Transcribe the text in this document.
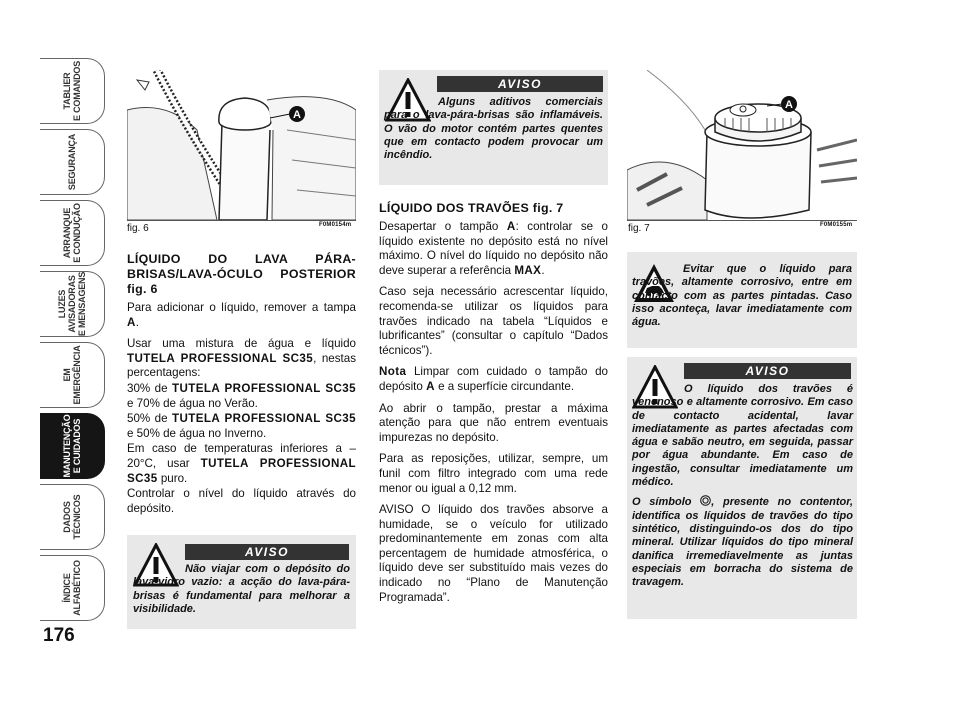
TABLIER
E COMANDOS
SEGURANÇA
ARRANQUE
E CONDUÇÃO
LUZES
AVISADORAS
E MENSAGENS
EM
EMERGÊNCIA
MANUTENÇÃO
E CUIDADOS
DADOS
TÉCNICOS
ÍNDICE
ALFABÉTICO
176
A
fig. 6	F0M0154m
LÍQUIDO DO LAVA PÁRA-BRISAS/LAVA-ÓCULO POSTERIOR fig. 6

Para adicionar o líquido, remover a tampa A.

Usar uma mistura de água e líquido TUTELA PROFESSIONAL SC35, nestas percentagens:

30% de TUTELA PROFESSIONAL SC35 e 70% de água no Verão.

50% de TUTELA PROFESSIONAL SC35 e 50% de água no Inverno.

Em caso de temperaturas inferiores a –20°C, usar TUTELA PROFESSIONAL SC35 puro.

Controlar o nível do líquido através do depósito.

AVISO
Não viajar com o depósito do lava-vidro vazio: a acção do lava-pára-brisas é fundamental para melhorar a visibilidade.
AVISO
Alguns aditivos comerciais para o lava-pára-brisas são inflamáveis. O vão do motor contém partes quentes que em contacto podem provocar um incêndio.
LÍQUIDO DOS TRAVÕES fig. 7

Desapertar o tampão A: controlar se o líquido existente no depósito está no nível máximo. O nível do líquido no depósito não deve superar a referência MAX.

Caso seja necessário acrescentar líquido, recomenda-se utilizar os líquidos para travões indicado na tabela “Líquidos e lubrificantes” (consultar o capítulo “Dados técnicos”).

Nota Limpar com cuidado o tampão do depósito A e a superfície circundante.

Ao abrir o tampão, prestar a máxima atenção para que não entrem eventuais impurezas no depósito.

Para as reposições, utilizar, sempre, um funil com filtro integrado com uma rede menor ou igual a 0,12 mm.

AVISO O líquido dos travões absorve a humidade, se o veículo for utilizado predominantemente em zonas com alta percentagem de humidade atmosférica, o líquido deve ser substituído mais vezes do indicado no “Plano de Manutenção Programada”.

A
fig. 7	F0M0155m
Evitar que o líquido para travões, altamente corrosivo, entre em contacto com as partes pintadas. Caso isso aconteça, lavar imediatamente com água.
AVISO

O líquido dos travões é venenoso e altamente corrosivo. Em caso de contacto acidental, lavar imediatamente as partes afectadas com água e sabão neutro, em seguida, passar por água abundante. Em caso de ingestão, consultar imediatamente um médico.

O símbolo , presente no contentor, identifica os líquidos de travões do tipo sintético, distinguindo-os dos do tipo mineral. Utilizar líquidos do tipo mineral danifica irremediavelmente as juntas especiais em borracha do sistema de travagem.
